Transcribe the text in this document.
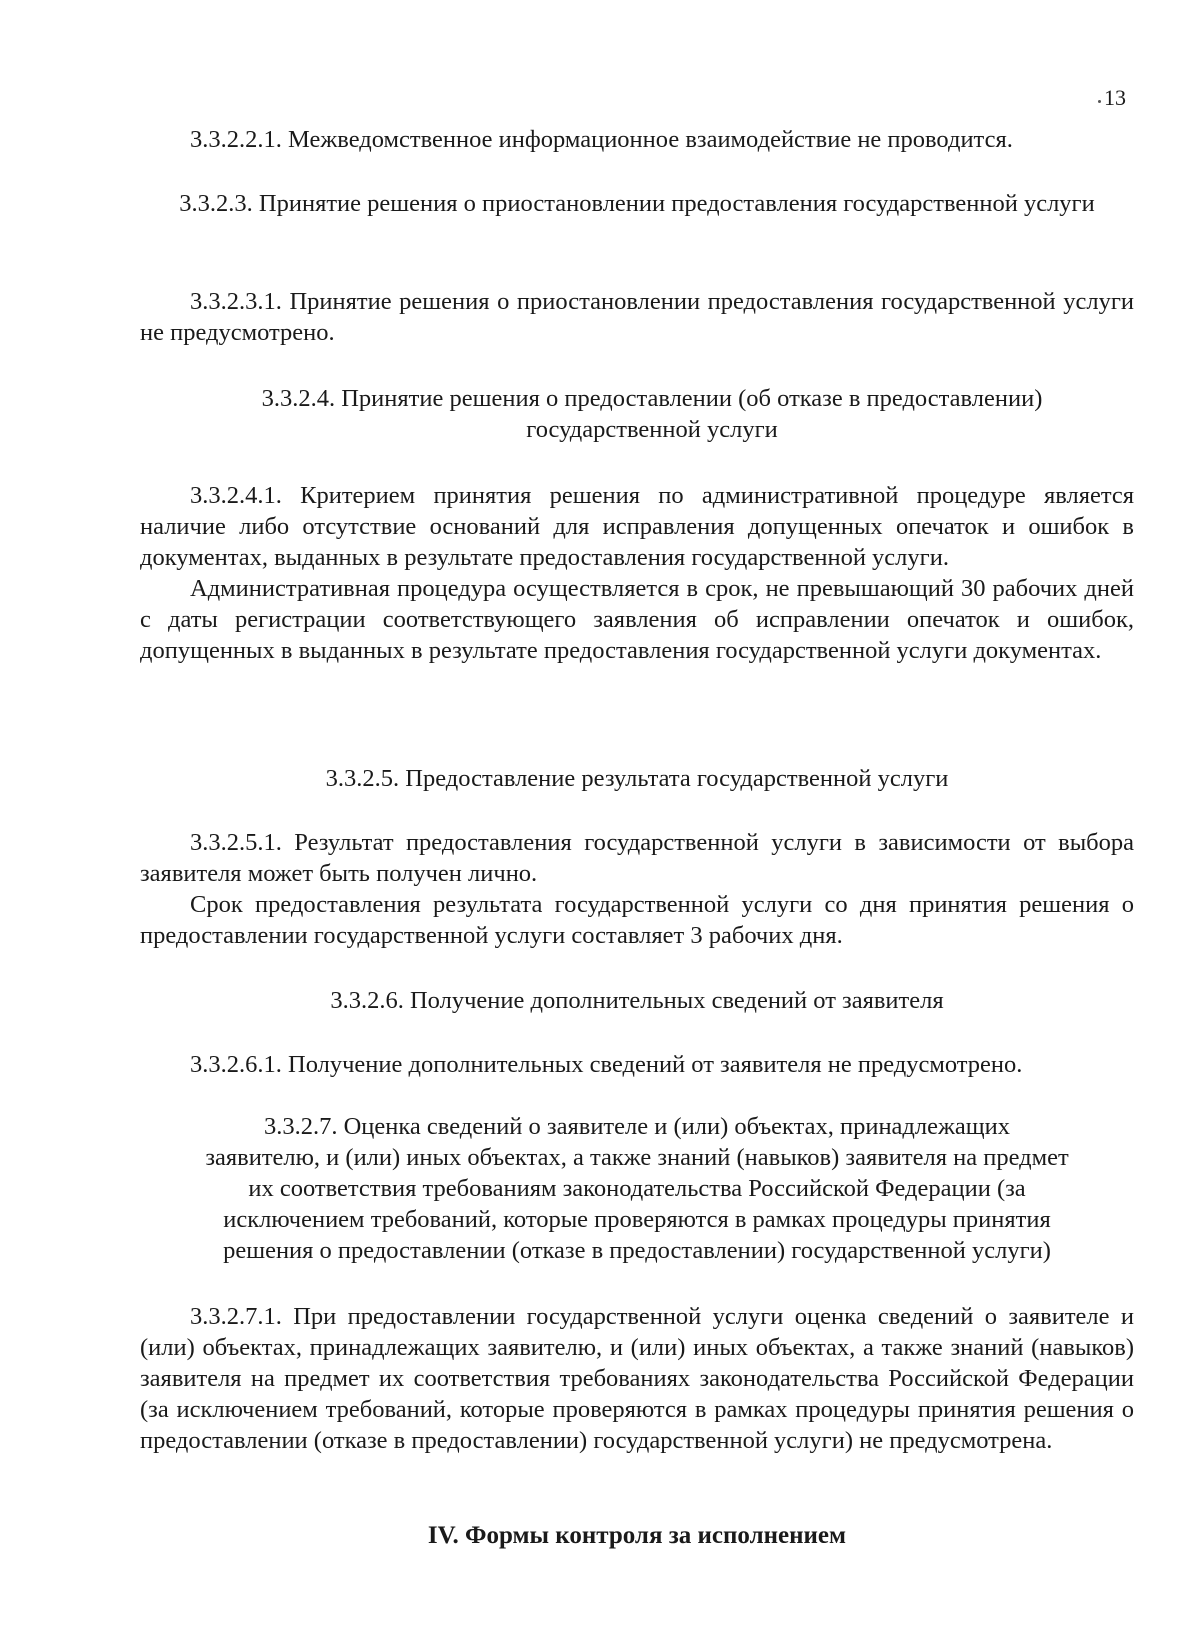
13

3.3.2.2.1. Межведомственное информационное взаимодействие не проводится.

3.3.2.3. Принятие решения о приостановлении предоставления государственной услуги

3.3.2.3.1. Принятие решения о приостановлении предоставления государственной услуги не предусмотрено.

3.3.2.4. Принятие решения о предоставлении (об отказе в предоставлении) государственной услуги

3.3.2.4.1. Критерием принятия решения по административной процедуре является наличие либо отсутствие оснований для исправления допущенных опечаток и ошибок в документах, выданных в результате предоставления государственной услуги.

Административная процедура осуществляется в срок, не превышающий 30 рабочих дней с даты регистрации соответствующего заявления об исправлении опечаток и ошибок, допущенных в выданных в результате предоставления государственной услуги документах.

3.3.2.5. Предоставление результата государственной услуги

3.3.2.5.1. Результат предоставления государственной услуги в зависимости от выбора заявителя может быть получен лично.

Срок предоставления результата государственной услуги со дня принятия решения о предоставлении государственной услуги составляет 3 рабочих дня.

3.3.2.6. Получение дополнительных сведений от заявителя

3.3.2.6.1. Получение дополнительных сведений от заявителя не предусмотрено.

3.3.2.7. Оценка сведений о заявителе и (или) объектах, принадлежащих

заявителю, и (или) иных объектах, а также знаний (навыков) заявителя на предмет

их соответствия требованиям законодательства Российской Федерации (за

исключением требований, которые проверяются в рамках процедуры принятия

решения о предоставлении (отказе в предоставлении) государственной услуги)

3.3.2.7.1. При предоставлении государственной услуги оценка сведений о заявителе и (или) объектах, принадлежащих заявителю, и (или) иных объектах, а также знаний (навыков) заявителя на предмет их соответствия требованиях законодательства Российской Федерации (за исключением требований, которые проверяются в рамках процедуры принятия решения о предоставлении (отказе в предоставлении) государственной услуги) не предусмотрена.

IV. Формы контроля за исполнением
